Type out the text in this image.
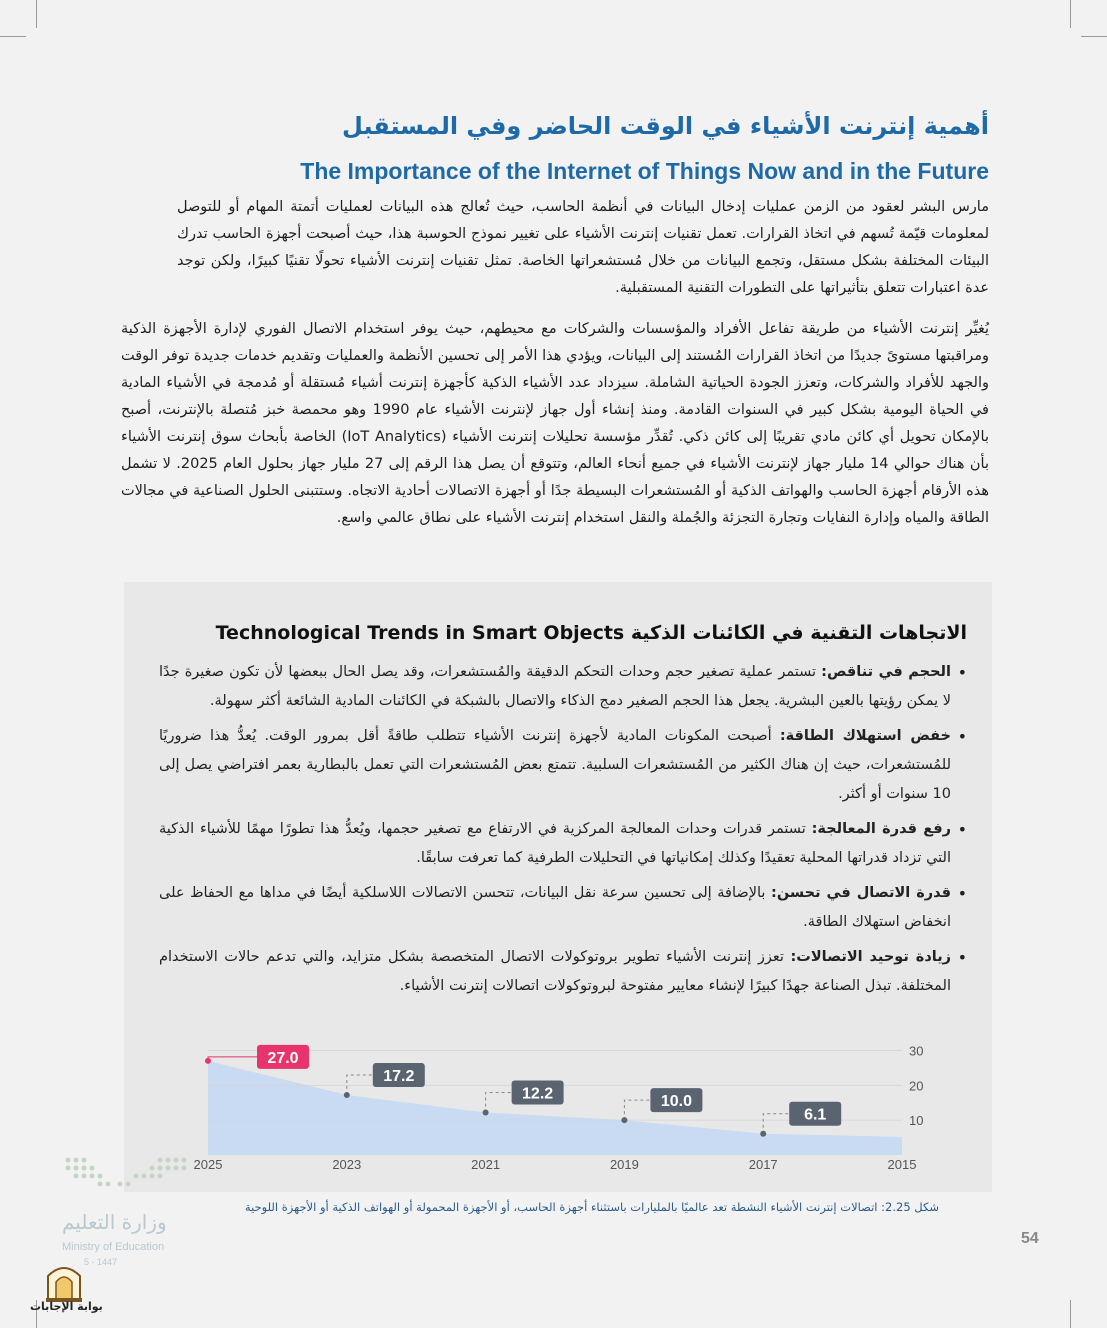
أهمية إنترنت الأشياء في الوقت الحاضر وفي المستقبل
The Importance of the Internet of Things Now and in the Future

مارس البشر لعقود من الزمن عمليات إدخال البيانات في أنظمة الحاسب، حيث تُعالج هذه البيانات لعمليات أتمتة المهام أو للتوصل لمعلومات قيّمة تُسهم في اتخاذ القرارات. تعمل تقنيات إنترنت الأشياء على تغيير نموذج الحوسبة هذا، حيث أصبحت أجهزة الحاسب تدرك البيئات المختلفة بشكل مستقل، وتجمع البيانات من خلال مُستشعراتها الخاصة. تمثل تقنيات إنترنت الأشياء تحولًا تقنيًا كبيرًا، ولكن توجد عدة اعتبارات تتعلق بتأثيراتها على التطورات التقنية المستقبلية.

يُغيِّر إنترنت الأشياء من طريقة تفاعل الأفراد والمؤسسات والشركات مع محيطهم، حيث يوفر استخدام الاتصال الفوري لإدارة الأجهزة الذكية ومراقبتها مستوىً جديدًا من اتخاذ القرارات المُستند إلى البيانات، ويؤدي هذا الأمر إلى تحسين الأنظمة والعمليات وتقديم خدمات جديدة توفر الوقت والجهد للأفراد والشركات، وتعزز الجودة الحياتية الشاملة. سيزداد عدد الأشياء الذكية كأجهزة إنترنت أشياء مُستقلة أو مُدمجة في الأشياء المادية في الحياة اليومية بشكل كبير في السنوات القادمة. ومنذ إنشاء أول جهاز لإنترنت الأشياء عام 1990 وهو محمصة خبز مُتصلة بالإنترنت، أصبح بالإمكان تحويل أي كائن مادي تقريبًا إلى كائن ذكي. تُقدِّر مؤسسة تحليلات إنترنت الأشياء (IoT Analytics) الخاصة بأبحاث سوق إنترنت الأشياء بأن هناك حوالي 14 مليار جهاز لإنترنت الأشياء في جميع أنحاء العالم، وتتوقع أن يصل هذا الرقم إلى 27 مليار جهاز بحلول العام 2025. لا تشمل هذه الأرقام أجهزة الحاسب والهواتف الذكية أو المُستشعرات البسيطة جدًا أو أجهزة الاتصالات أحادية الاتجاه. وستتبنى الحلول الصناعية في مجالات الطاقة والمياه وإدارة النفايات وتجارة التجزئة والجُملة والنقل استخدام إنترنت الأشياء على نطاق عالمي واسع.

الاتجاهات التقنية في الكائنات الذكية Technological Trends in Smart Objects

• الحجم في تناقص: تستمر عملية تصغير حجم وحدات التحكم الدقيقة والمُستشعرات، وقد يصل الحال ببعضها لأن تكون صغيرة جدًا لا يمكن رؤيتها بالعين البشرية. يجعل هذا الحجم الصغير دمج الذكاء والاتصال بالشبكة في الكائنات المادية الشائعة أكثر سهولة.
• خفض استهلاك الطاقة: أصبحت المكونات المادية لأجهزة إنترنت الأشياء تتطلب طاقةً أقل بمرور الوقت. يُعدُّ هذا ضروريًا للمُستشعرات، حيث إن هناك الكثير من المُستشعرات السلبية. تتمتع بعض المُستشعرات التي تعمل بالبطارية بعمر افتراضي يصل إلى 10 سنوات أو أكثر.
• رفع قدرة المعالجة: تستمر قدرات وحدات المعالجة المركزية في الارتفاع مع تصغير حجمها، ويُعدُّ هذا تطورًا مهمًا للأشياء الذكية التي تزداد قدراتها المحلية تعقيدًا وكذلك إمكانياتها في التحليلات الطرفية كما تعرفت سابقًا.
• قدرة الاتصال في تحسن: بالإضافة إلى تحسين سرعة نقل البيانات، تتحسن الاتصالات اللاسلكية أيضًا في مداها مع الحفاظ على انخفاض استهلاك الطاقة.
• زيادة توحيد الاتصالات: تعزز إنترنت الأشياء تطوير بروتوكولات الاتصال المتخصصة بشكل متزايد، والتي تدعم حالات الاستخدام المختلفة. تبذل الصناعة جهدًا كبيرًا لإنشاء معايير مفتوحة لبروتوكولات اتصالات إنترنت الأشياء.
10
20
30
2015
2017
2019
2021
2023
2025
6.1
10.0
12.2
17.2
27.0

شكل 2.25: اتصالات إنترنت الأشياء النشطة تعد عالميًا بالمليارات باستثناء أجهزة الحاسب، أو الأجهزة المحمولة أو الهواتف الذكية أو الأجهزة اللوحية

54

وزارة التعليم

Ministry of Education

5 - 1447

بوابة الإجابات
